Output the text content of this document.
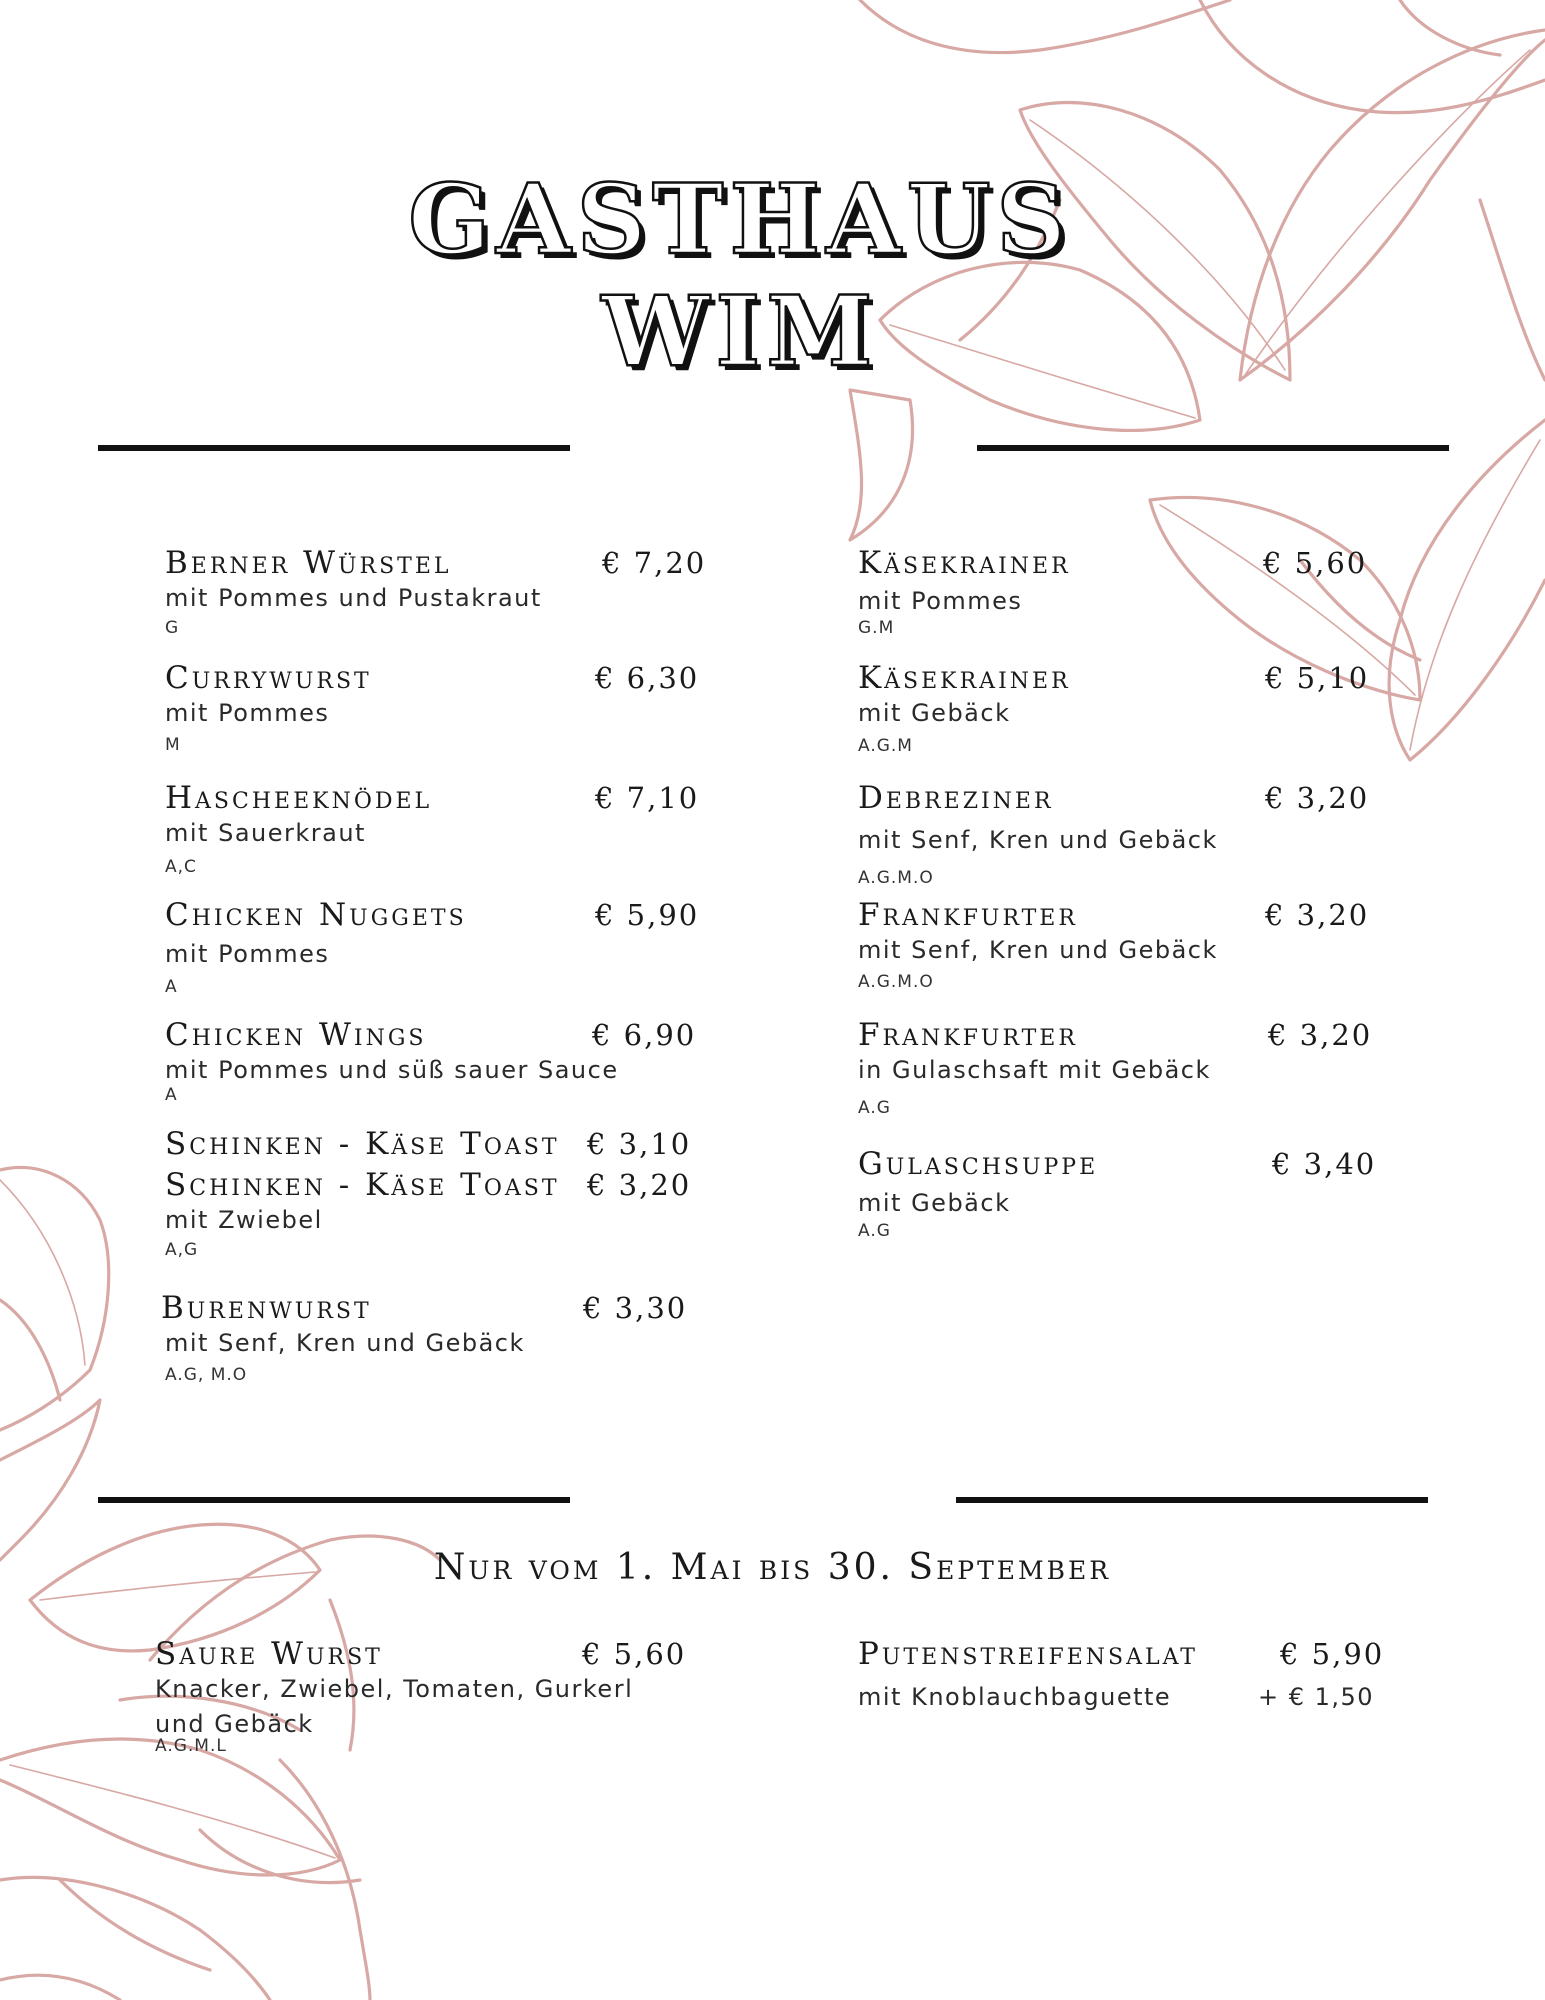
GASTHAUS
WIM
Berner Würstel	€ 7,20
mit Pommes und Pustakraut
G
Currywurst	€ 6,30
mit Pommes
M
Hascheeknödel	€ 7,10
mit Sauerkraut
A,C
Chicken Nuggets	€ 5,90
mit Pommes
A
Chicken Wings	€ 6,90
mit Pommes und süß sauer Sauce
A
Schinken - Käse Toast € 3,10
Schinken - Käse Toast € 3,20
mit Zwiebel
A,G
Burenwurst	€ 3,30
mit Senf, Kren und Gebäck
A.G, M.O
Käsekrainer	€ 5,60
mit Pommes
G.M
Käsekrainer	€ 5,10
mit Gebäck
A.G.M
Debreziner	€ 3,20
mit Senf, Kren und Gebäck
A.G.M.O
Frankfurter	€ 3,20
mit Senf, Kren und Gebäck
A.G.M.O
Frankfurter	€ 3,20
in Gulaschsaft mit Gebäck
A.G
Gulaschsuppe	€ 3,40
mit Gebäck
A.G
Nur vom 1. Mai bis 30. September
Saure Wurst	€ 5,60
Knacker, Zwiebel, Tomaten, Gurkerl
und Gebäck
A.G.M.L
Putenstreifensalat	€ 5,90
mit Knoblauchbaguette	+ € 1,50
